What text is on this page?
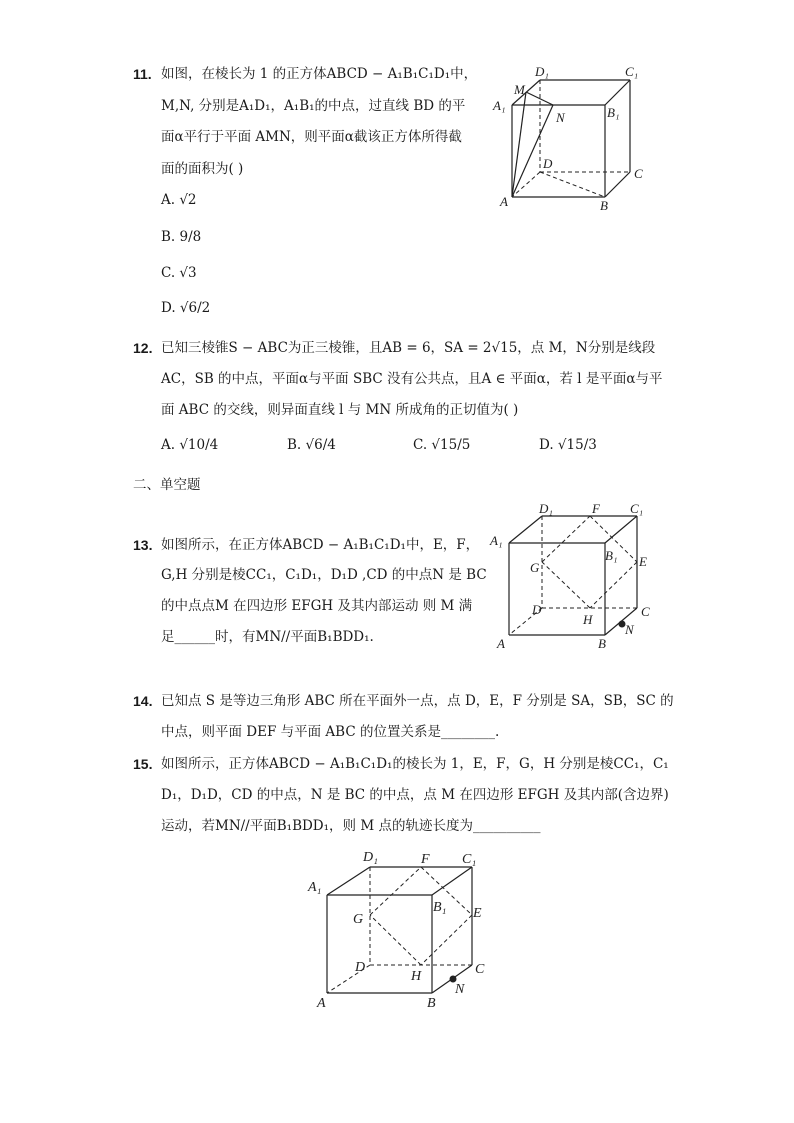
11. 如图，在棱长为 1 的正方体ABCD − A₁B₁C₁D₁中，
M,N, 分别是A₁D₁，A₁B₁的中点，过直线 BD 的平
面α平行于平面 AMN，则平面α截该正方体所得截
面的面积为( )
A. √2
B. 9/8
C. √3
D. √6/2
D₁	C₁
A₁
M
N	B₁
D
C
A	B
12. 已知三棱锥S − ABC为正三棱锥，且AB = 6，SA = 2√15，点 M，N分别是线段
AC，SB 的中点，平面α与平面 SBC 没有公共点，且A ∈ 平面α，若 l 是平面α与平
面 ABC 的交线，则异面直线 l 与 MN 所成角的正切值为( )
A. √10/4	B. √6/4	C. √15/5	D. √15/3
二、单空题
13. 如图所示，在正方体ABCD − A₁B₁C₁D₁中，E，F，
G,H 分别是棱CC₁，C₁D₁，D₁D ,CD 的中点N 是 BC
的中点点M 在四边形 EFGH 及其内部运动 则 M 满
足______时，有MN//平面B₁BDD₁.
D₁	F C₁
A₁
G
B₁ E
D	C
H
N
A	B
14. 已知点 S 是等边三角形 ABC 所在平面外一点，点 D，E，F 分别是 SA，SB，SC 的
中点，则平面 DEF 与平面 ABC 的位置关系是________.
15. 如图所示，正方体ABCD − A₁B₁C₁D₁的棱长为 1，E，F，G，H 分别是棱CC₁，C₁
D₁，D₁D，CD 的中点，N 是 BC 的中点，点 M 在四边形 EFGH 及其内部(含边界)
运动，若MN//平面B₁BDD₁，则 M 点的轨迹长度为__________
D₁	F C₁
A₁
G
B₁ E
D
H	C
N
A	B
